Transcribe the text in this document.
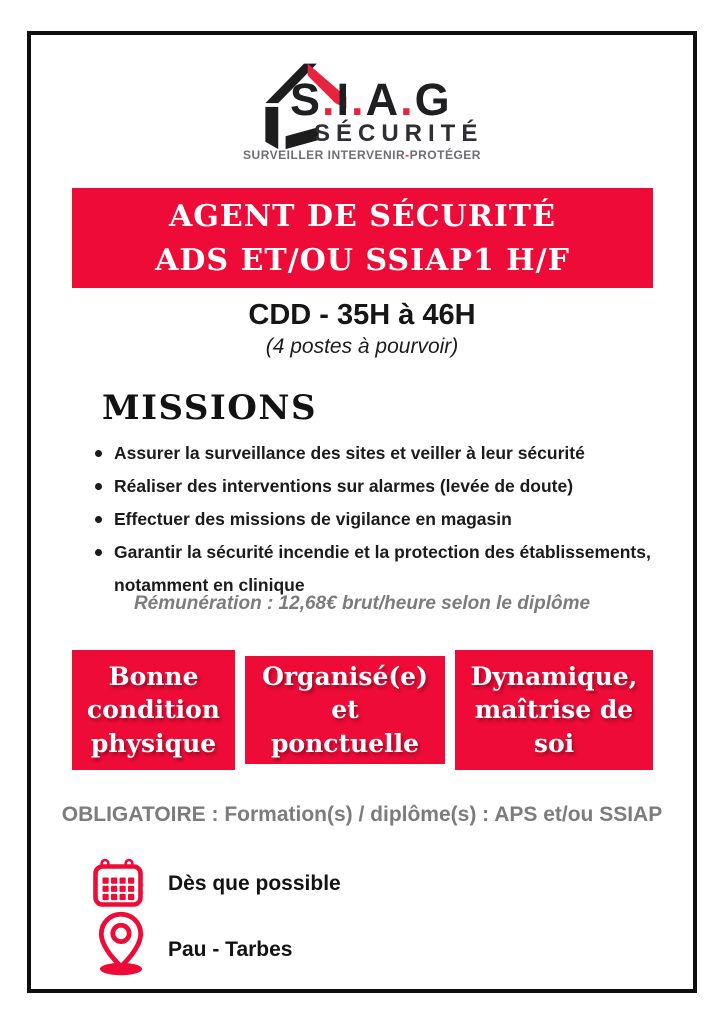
S.I.A.G
SÉCURITÉ
SURVEILLER INTERVENIR-PROTÉGER
AGENT DE SÉCURITÉ
ADS ET/OU SSIAP1 H/F
CDD - 35H à 46H
(4 postes à pourvoir)
MISSIONS
Assurer la surveillance des sites et veiller à leur sécurité
Réaliser des interventions sur alarmes (levée de doute)
Effectuer des missions de vigilance en magasin
Garantir la sécurité incendie et la protection des établissements, notamment en clinique
Rémunération : 12,68€ brut/heure selon le diplôme
Bonne condition physique
Organisé(e) et ponctuelle
Dynamique, maîtrise de soi
OBLIGATOIRE : Formation(s) / diplôme(s) : APS et/ou SSIAP
Dès que possible
Pau - Tarbes
